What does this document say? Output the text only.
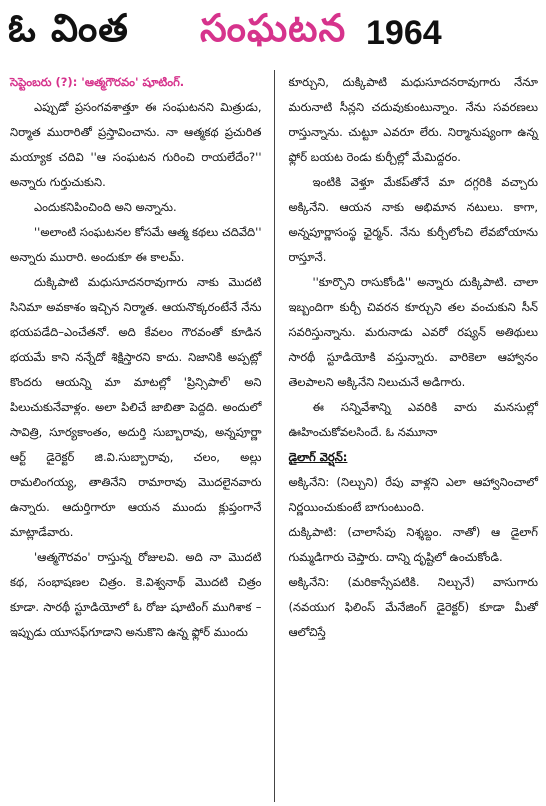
ఓ వింత సంఘటన 1964
సెప్టెంబరు (?): 'ఆత్మగౌరవం' షూటింగ్.

ఎప్పుడో ప్రసంగవశాత్తూ ఈ సంఘటనని మిత్రుడు, నిర్మాత మురారితో ప్రస్తావించాను. నా ఆత్మకథ ప్రచురిత మయ్యాక చదివి ''ఆ సంఘటన గురించి రాయలేదేం?'' అన్నారు గుర్తుచుకుని.

ఎందుకనిపించింది అని అన్నాను.

''అలాంటి సంఘటనల కోసమే ఆత్మ కథలు చదివేది'' అన్నారు మురారి. అందుకూ ఈ కాలమ్.

దుక్కిపాటి మధుసూదనరావుగారు నాకు మొదటి సినిమా అవకాశం ఇచ్చిన నిర్మాత. ఆయనొక్కరంటేనే నేను భయపడేది–ఎంచేతనో. అది కేవలం గౌరవంతో కూడిన భయమే కాని నన్నేదో శిక్షిస్తారని కాదు. నిజానికి అప్పట్లో కొందరు ఆయన్ని మా మాటల్లో 'ప్రిన్సిపాల్' అని పిలుచుకునేవాళ్లం. అలా పిలిచే జాబితా పెద్దది. అందులో సావిత్రి, సూర్యకాంతం, అదుర్తి సుబ్బారావు, అన్నపూర్ణా ఆర్ట్ డైరెక్టర్ జి.వి.సుబ్బారావు, చలం, అల్లు రామలింగయ్య, తాతినేని రామారావు మొదలైనవారు ఉన్నారు. ఆదుర్తిగారూ ఆయన ముందు క్లుప్తంగానే మాట్లాడేవారు.

'ఆత్మగౌరవం' రాస్తున్న రోజులవి. అది నా మొదటి కథ, సంభాషణల చిత్రం. కె.విశ్వనాథ్ మొదటి చిత్రం కూడా. సారథీ స్టూడియోలో ఓ రోజు షూటింగ్ ముగిశాక – ఇప్పుడు యూసఫ్‌గూడాని అనుకొని ఉన్న ఫ్లోర్ ముందు

కూర్చుని, దుక్కిపాటి మధుసూదనరావుగారు నేనూ మరునాటి సీన్లని చదువుకుంటున్నాం. నేను సవరణలు రాస్తున్నాను. చుట్టూ ఎవరూ లేరు. నిర్మానుష్యంగా ఉన్న ఫ్లోర్ బయట రెండు కుర్చీల్లో మేమిద్దరం.

ఇంటికి వెళ్తూ మేకప్‌తోనే మా దగ్గరికి వచ్చారు అక్కినేని. ఆయన నాకు అభిమాన నటులు. కాగా, అన్నపూర్ణాసంస్థ ఛైర్మన్. నేను కుర్చీలోంచి లేవబోయాను రాస్తూనే.

''కూర్చొని రాసుకోండి'' అన్నారు దుక్కిపాటి. చాలా ఇబ్బందిగా కుర్చీ చివరన కూర్చుని తల వంచుకుని సీన్ సవరిస్తున్నాను. మరునాడు ఎవరో రష్యన్ అతిథులు సారథీ స్టూడియోకి వస్తున్నారు. వారికెలా ఆహ్వానం తెలపాలని అక్కినేని నిలుచునే అడిగారు.

ఈ సన్నివేశాన్ని ఎవరికి వారు మనసుల్లో ఊహించుకోవలసిందే. ఓ నమూనా

డైలాగ్ వెర్షన్:

అక్కినేని: (నిల్చుని) రేపు వాళ్లని ఎలా ఆహ్వానించాలో నిర్ణయించుకుంటే బాగుంటుంది.

దుక్కిపాటి: (చాలాసేపు నిశ్శబ్దం. నాతో) ఆ డైలాగ్ గుమ్మడిగారు చెప్తారు. దాన్ని దృష్టిలో ఉంచుకోండి.

అక్కినేని: (మరికాస్సేపటికి. నిల్చునే) వాసుగారు (నవయుగ ఫిలింస్ మేనేజింగ్ డైరెక్టర్) కూడా మీతో ఆలోచిస్తే
